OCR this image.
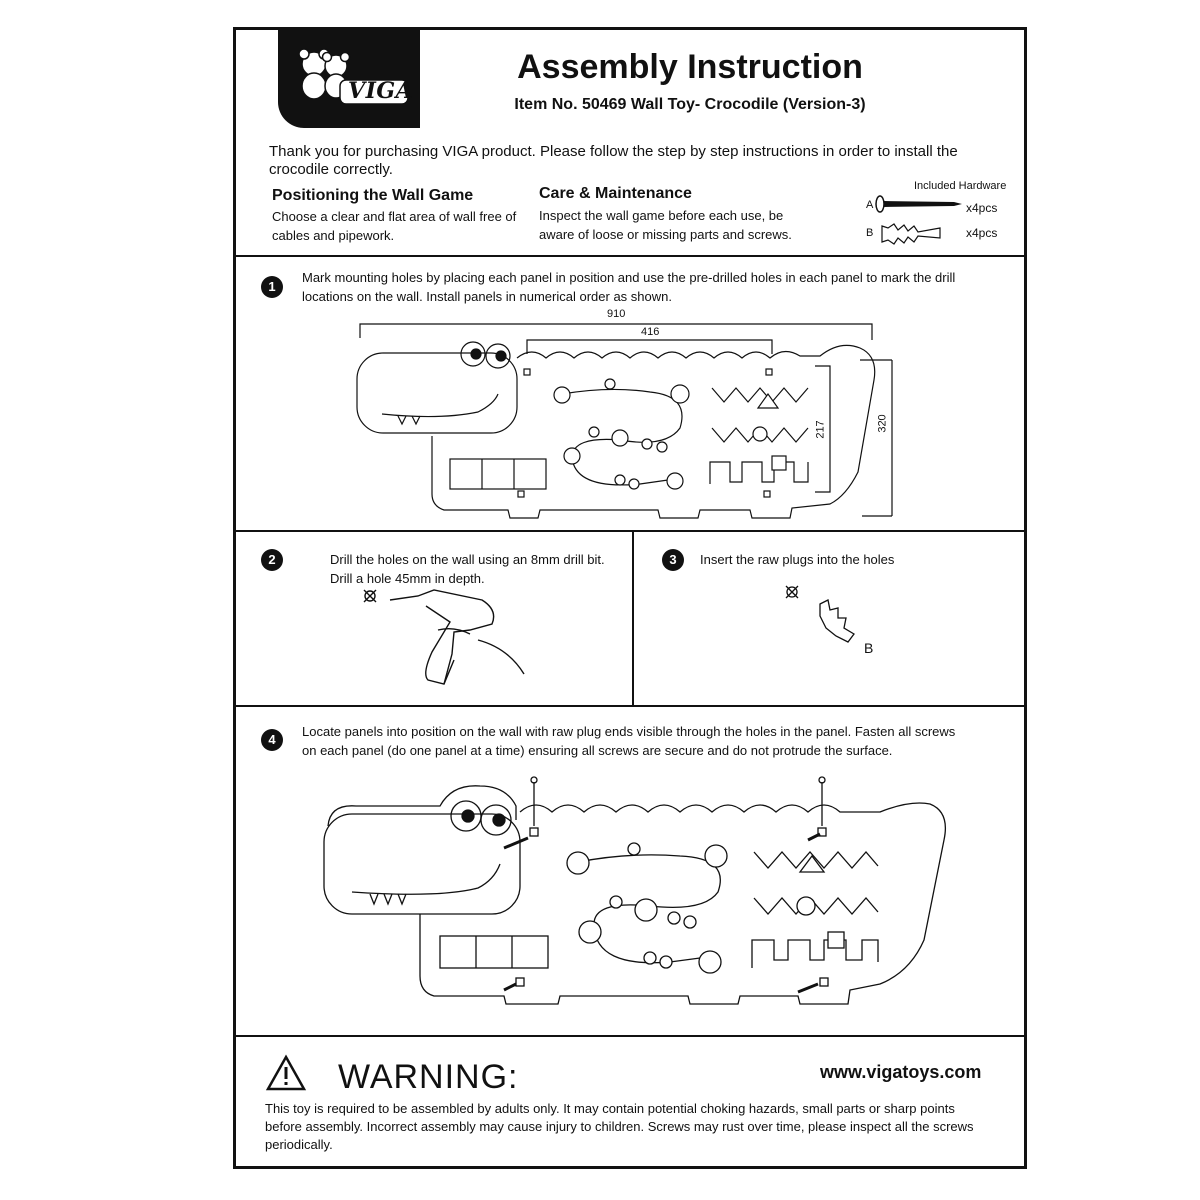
VIGA
Assembly Instruction
Item No. 50469 Wall Toy- Crocodile (Version-3)
Thank you for purchasing VIGA product. Please follow the step by step instructions in order to install the crocodile correctly.
Positioning the Wall Game
Choose a clear and flat area of wall free of cables and pipework.
Care & Maintenance
Inspect the wall game before each use, be aware of loose or missing parts and screws.
Included Hardware
A	x4pcs
B	x4pcs
1
Mark mounting holes by placing each panel in position and use the pre-drilled holes in each panel to mark the drill locations on the wall. Install panels in numerical order as shown.
910
416
217	320
2	Drill the holes on the wall using an 8mm drill bit. Drill a hole 45mm in depth.
3	Insert the raw plugs into the holes
B
4
Locate panels into position on the wall with raw plug ends visible through the holes in the panel. Fasten all screws on each panel (do one panel at a time) ensuring all screws are secure and do not protrude the surface.
WARNING:	www.vigatoys.com
This toy is required to be assembled by adults only. It may contain potential choking hazards, small parts or sharp points before assembly. Incorrect assembly may cause injury to children. Screws may rust over time, please inspect all the screws periodically.
